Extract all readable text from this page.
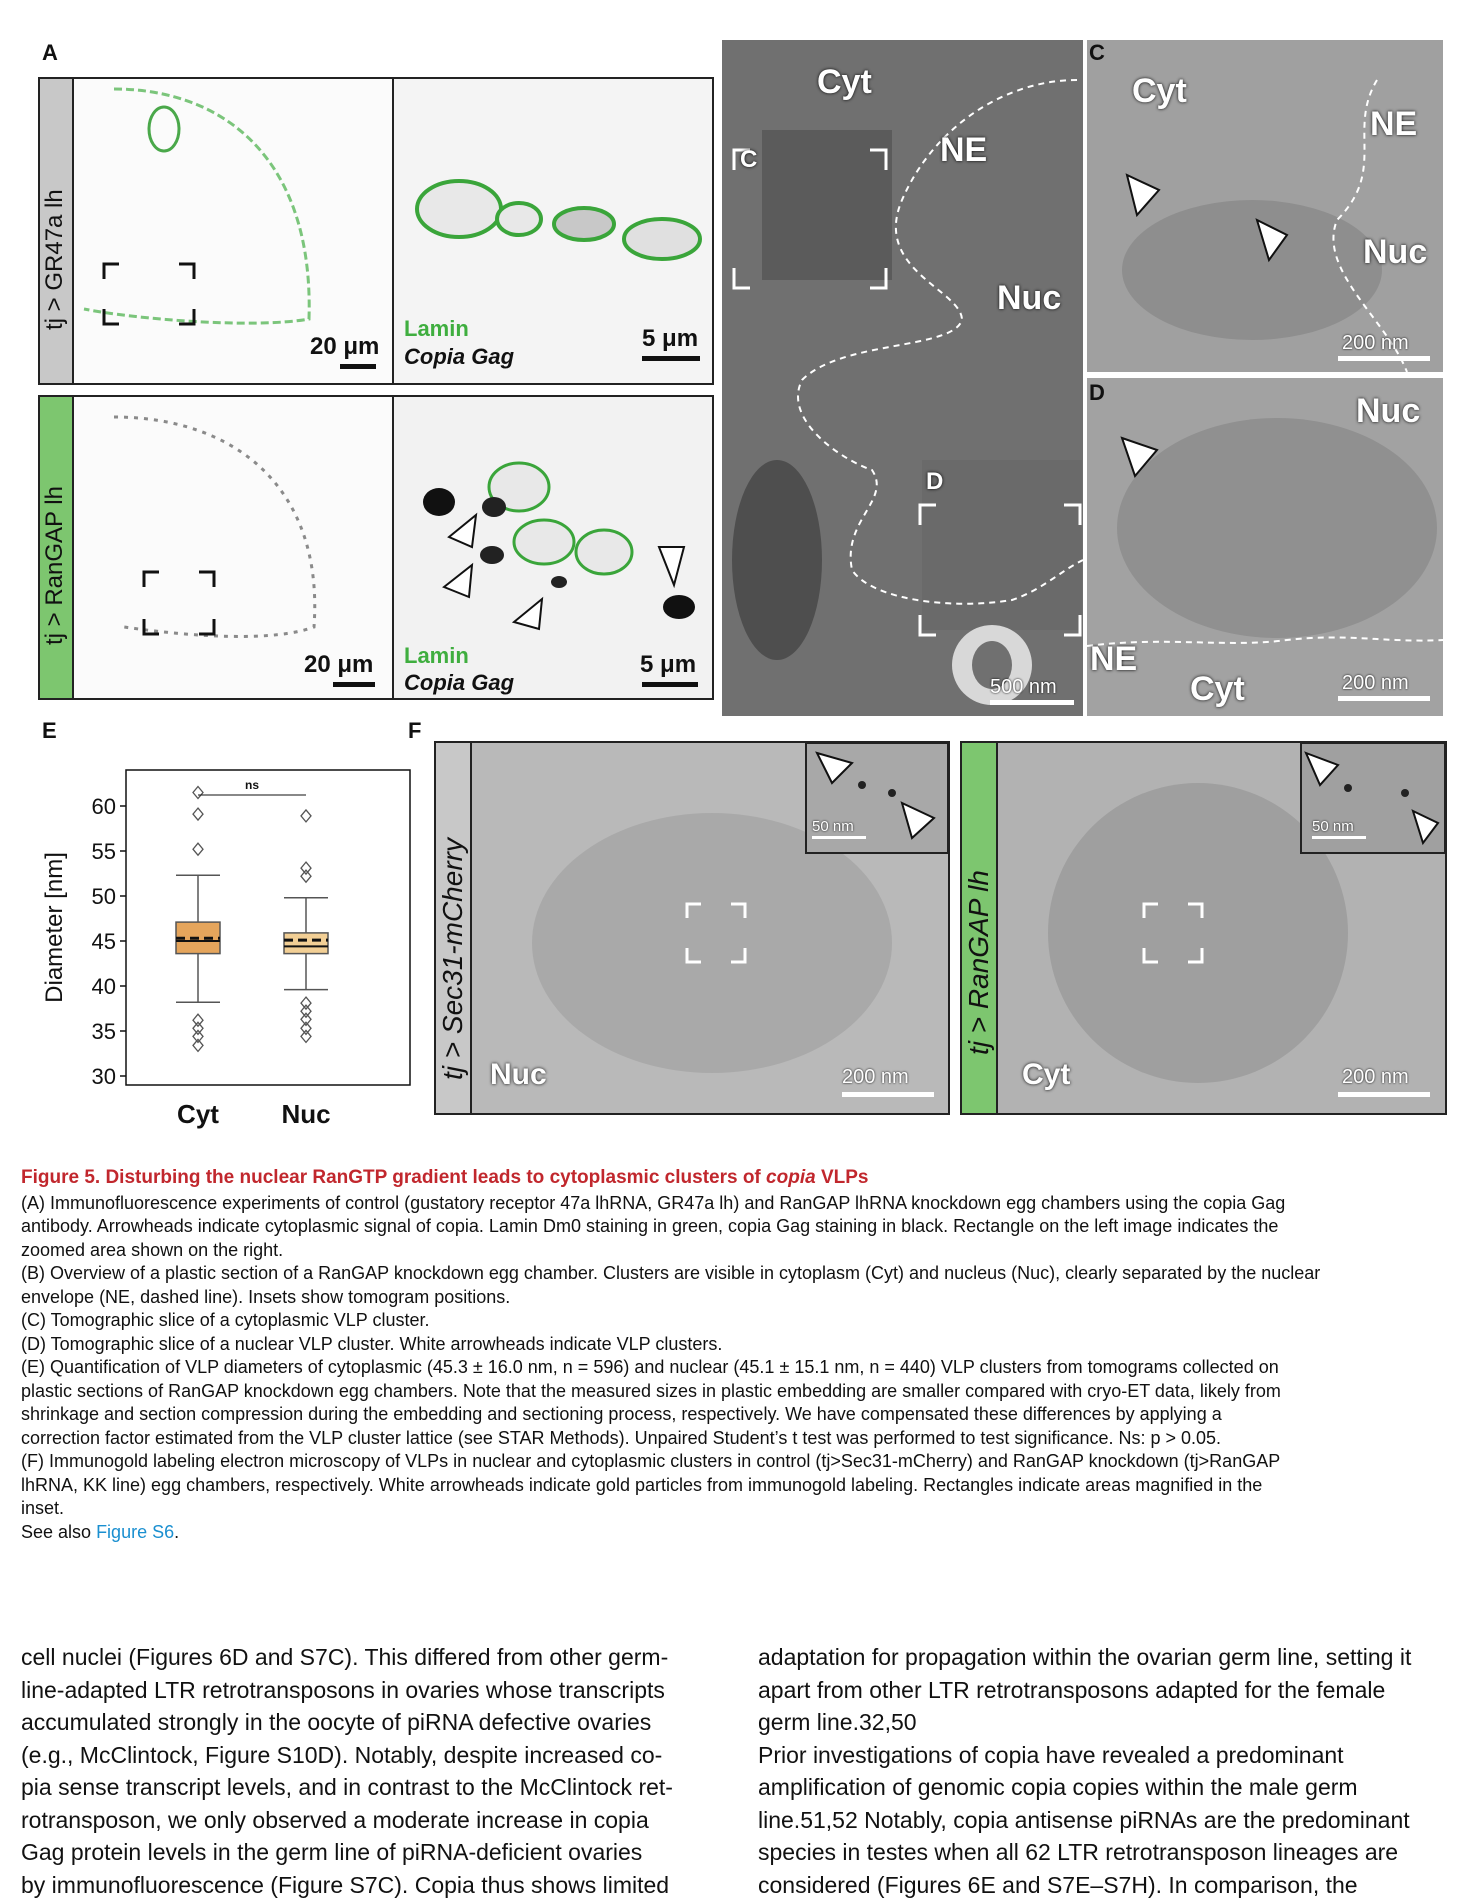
A
tj > GR47a lh
20 μm
Lamin
Copia Gag
5 μm
tj > RanGAP lh
20 μm Lamin
Copia Gag
5 μm
Cyt
NE
Nuc
C
D
500 nm
C
Cyt
NE
Nuc
200 nm
D	Nuc
NE
Cyt	200 nm
E
30
35
40
45
50
55
60
Diameter [nm]
Cyt Nuc
ns
F
tj > Sec31-mCherry
50 nm
Nuc	200 nm
tj > RanGAP lh
50 nm
Cyt	200 nm
Figure 5. Disturbing the nuclear RanGTP gradient leads to cytoplasmic clusters of copia VLPs
(A) Immunofluorescence experiments of control (gustatory receptor 47a lhRNA, GR47a lh) and RanGAP lhRNA knockdown egg chambers using the copia Gag
antibody. Arrowheads indicate cytoplasmic signal of copia. Lamin Dm0 staining in green, copia Gag staining in black. Rectangle on the left image indicates the
zoomed area shown on the right.
(B) Overview of a plastic section of a RanGAP knockdown egg chamber. Clusters are visible in cytoplasm (Cyt) and nucleus (Nuc), clearly separated by the nuclear
envelope (NE, dashed line). Insets show tomogram positions.
(C) Tomographic slice of a cytoplasmic VLP cluster.
(D) Tomographic slice of a nuclear VLP cluster. White arrowheads indicate VLP clusters.
(E) Quantification of VLP diameters of cytoplasmic (45.3 ± 16.0 nm, n = 596) and nuclear (45.1 ± 15.1 nm, n = 440) VLP clusters from tomograms collected on
plastic sections of RanGAP knockdown egg chambers. Note that the measured sizes in plastic embedding are smaller compared with cryo-ET data, likely from
shrinkage and section compression during the embedding and sectioning process, respectively. We have compensated these differences by applying a
correction factor estimated from the VLP cluster lattice (see STAR Methods). Unpaired Student’s t test was performed to test significance. Ns: p > 0.05.
(F) Immunogold labeling electron microscopy of VLPs in nuclear and cytoplasmic clusters in control (tj>Sec31-mCherry) and RanGAP knockdown (tj>RanGAP
lhRNA, KK line) egg chambers, respectively. White arrowheads indicate gold particles from immunogold labeling. Rectangles indicate areas magnified in the
inset.
See also Figure S6.
cell nuclei (Figures 6D and S7C). This differed from other germ-
line-adapted LTR retrotransposons in ovaries whose transcripts
accumulated strongly in the oocyte of piRNA defective ovaries
(e.g., McClintock, Figure S10D). Notably, despite increased co-
pia sense transcript levels, and in contrast to the McClintock ret-
rotransposon, we only observed a moderate increase in copia
Gag protein levels in the germ line of piRNA-deficient ovaries
by immunofluorescence (Figure S7C). Copia thus shows limited
adaptation for propagation within the ovarian germ line, setting it
apart from other LTR retrotransposons adapted for the female
germ line.32,50
Prior investigations of copia have revealed a predominant
amplification of genomic copia copies within the male germ
line.51,52 Notably, copia antisense piRNAs are the predominant
species in testes when all 62 LTR retrotransposon lineages are
considered (Figures 6E and S7E–S7H). In comparison, the
